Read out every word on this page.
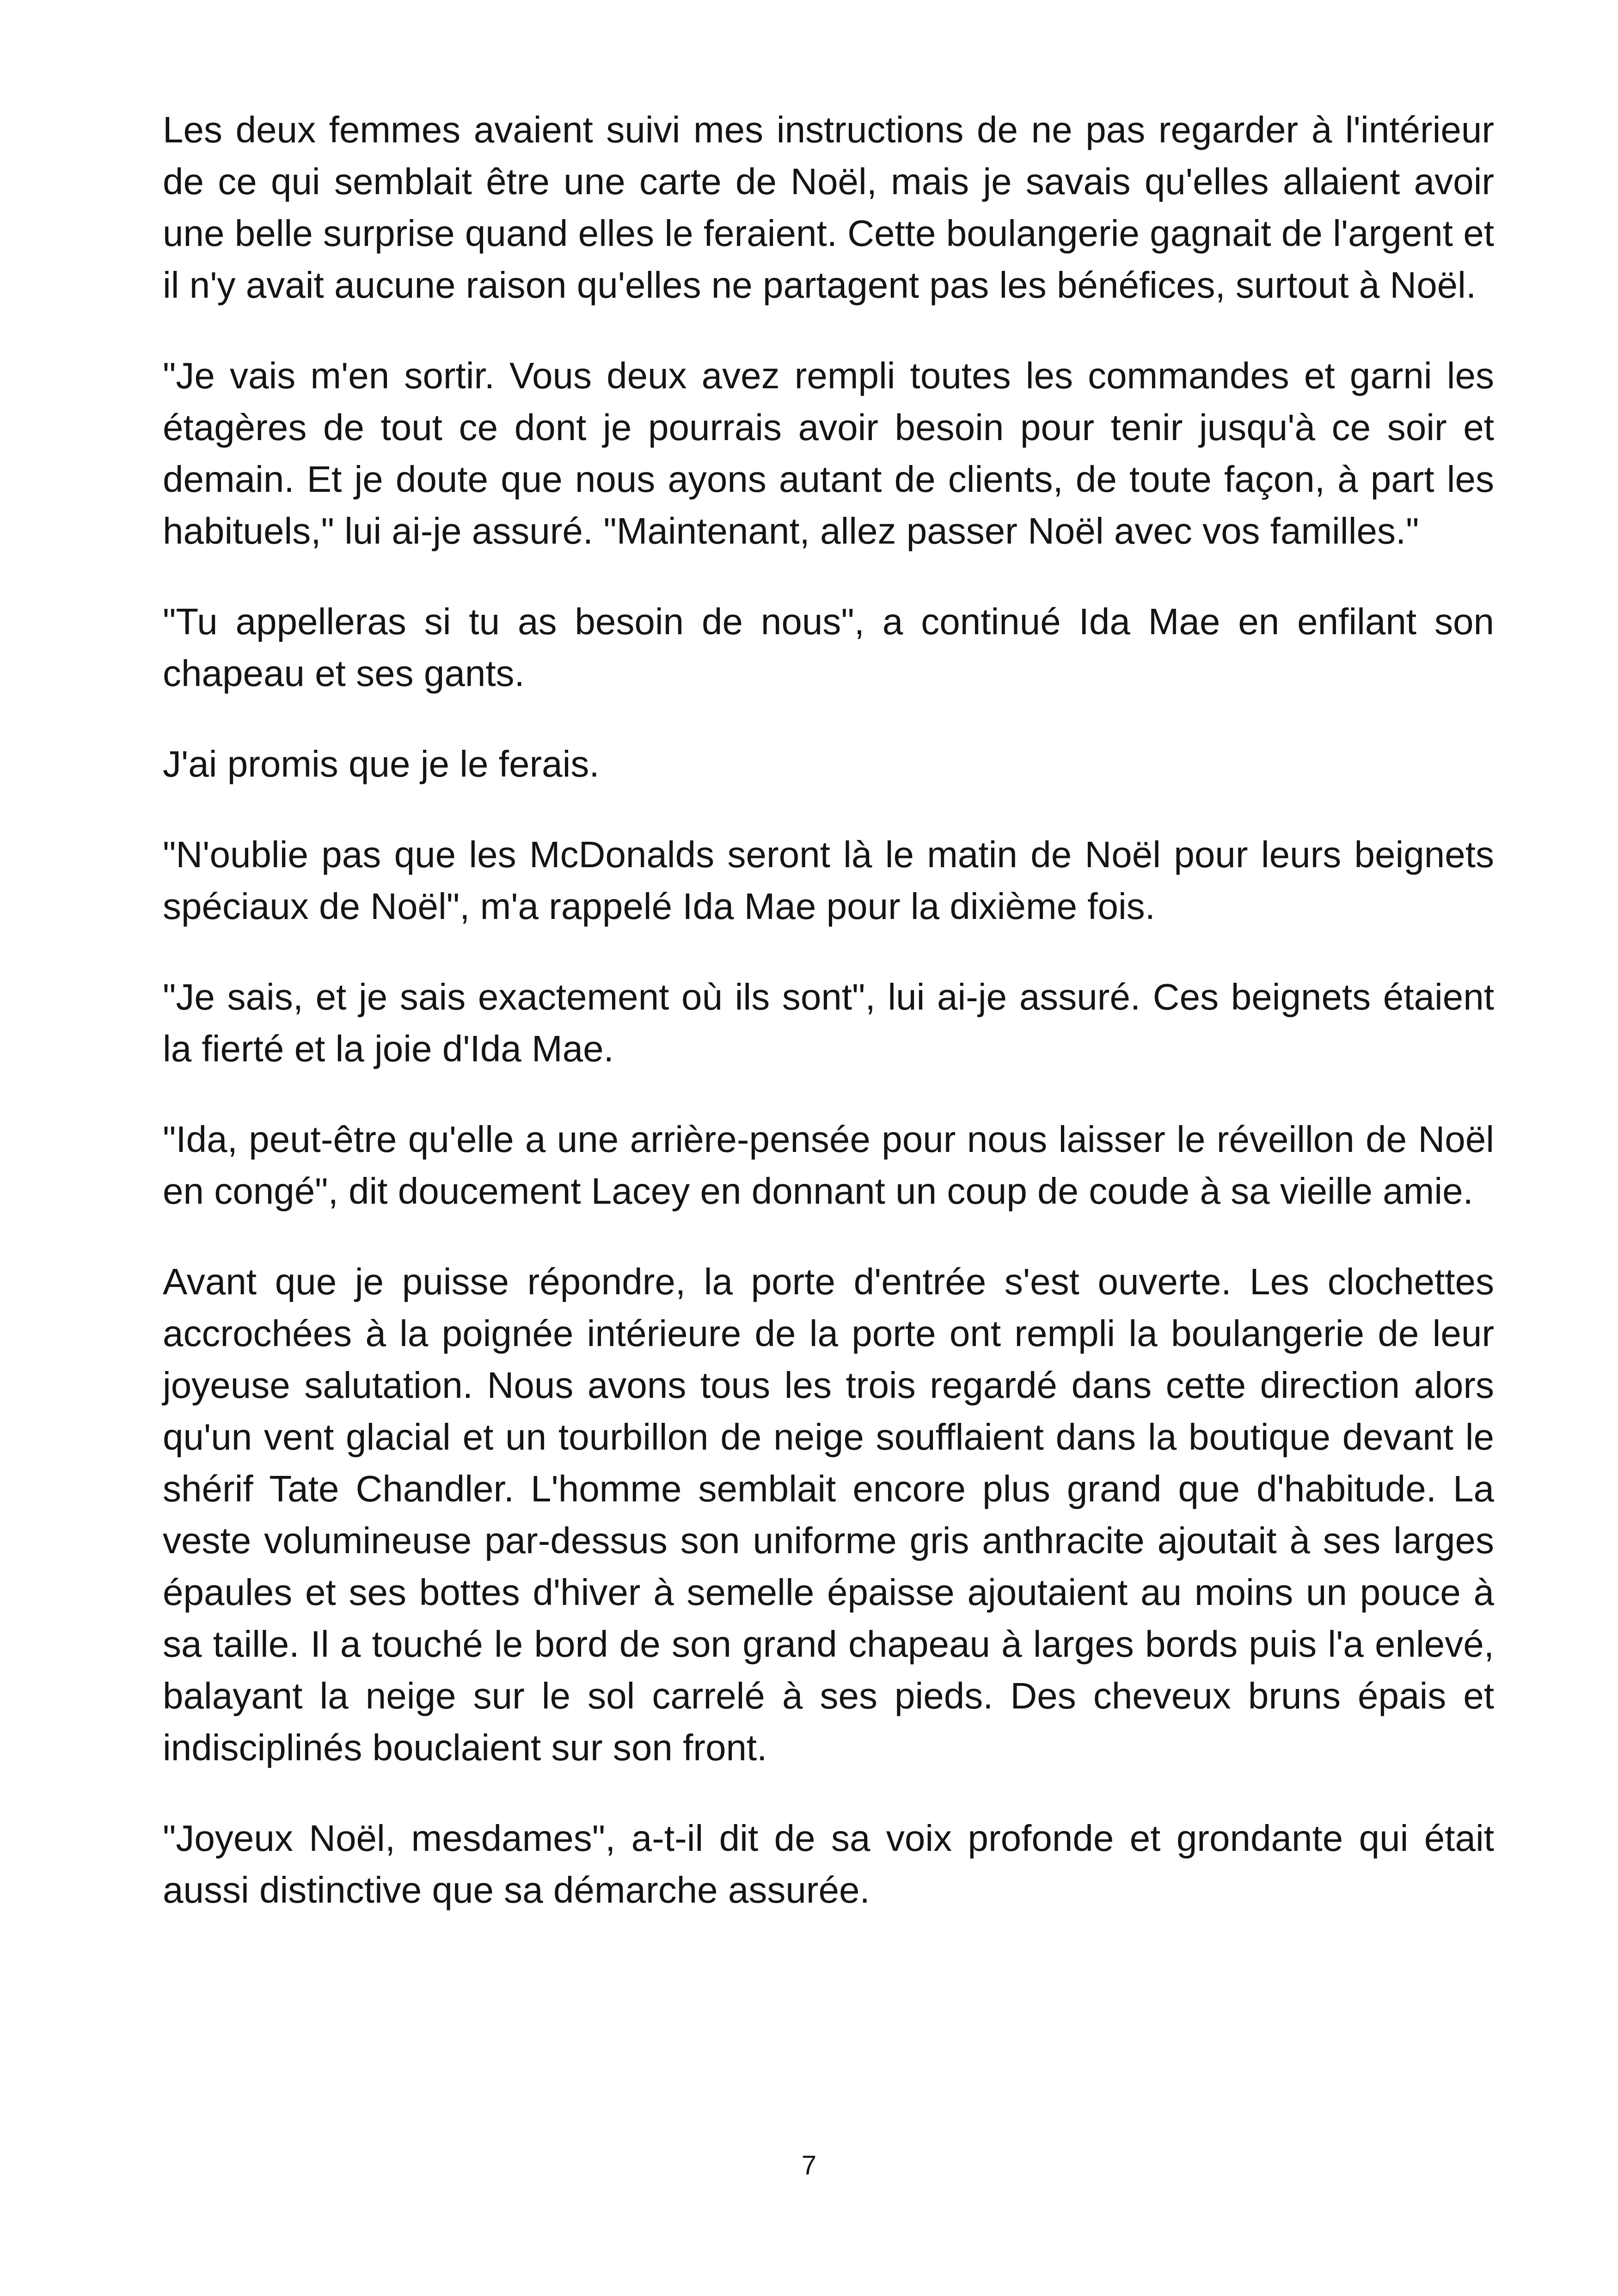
Les deux femmes avaient suivi mes instructions de ne pas regarder à l'intérieur de ce qui semblait être une carte de Noël, mais je savais qu'elles allaient avoir une belle surprise quand elles le feraient. Cette boulangerie gagnait de l'argent et il n'y avait aucune raison qu'elles ne partagent pas les bénéfices, surtout à Noël.

"Je vais m'en sortir. Vous deux avez rempli toutes les commandes et garni les étagères de tout ce dont je pourrais avoir besoin pour tenir jusqu'à ce soir et demain. Et je doute que nous ayons autant de clients, de toute façon, à part les habituels," lui ai-je assuré. "Maintenant, allez passer Noël avec vos familles."

"Tu appelleras si tu as besoin de nous", a continué Ida Mae en enfilant son chapeau et ses gants.

J'ai promis que je le ferais.

"N'oublie pas que les McDonalds seront là le matin de Noël pour leurs beignets spéciaux de Noël", m'a rappelé Ida Mae pour la dixième fois.

"Je sais, et je sais exactement où ils sont", lui ai-je assuré. Ces beignets étaient la fierté et la joie d'Ida Mae.

"Ida, peut-être qu'elle a une arrière-pensée pour nous laisser le réveillon de Noël en congé", dit doucement Lacey en donnant un coup de coude à sa vieille amie.

Avant que je puisse répondre, la porte d'entrée s'est ouverte. Les clochettes accrochées à la poignée intérieure de la porte ont rempli la boulangerie de leur joyeuse salutation. Nous avons tous les trois regardé dans cette direction alors qu'un vent glacial et un tourbillon de neige soufflaient dans la boutique devant le shérif Tate Chandler. L'homme semblait encore plus grand que d'habitude. La veste volumineuse par-dessus son uniforme gris anthracite ajoutait à ses larges épaules et ses bottes d'hiver à semelle épaisse ajoutaient au moins un pouce à sa taille. Il a touché le bord de son grand chapeau à larges bords puis l'a enlevé, balayant la neige sur le sol carrelé à ses pieds. Des cheveux bruns épais et indisciplinés bouclaient sur son front.

"Joyeux Noël, mesdames", a-t-il dit de sa voix profonde et grondante qui était aussi distinctive que sa démarche assurée.

7
